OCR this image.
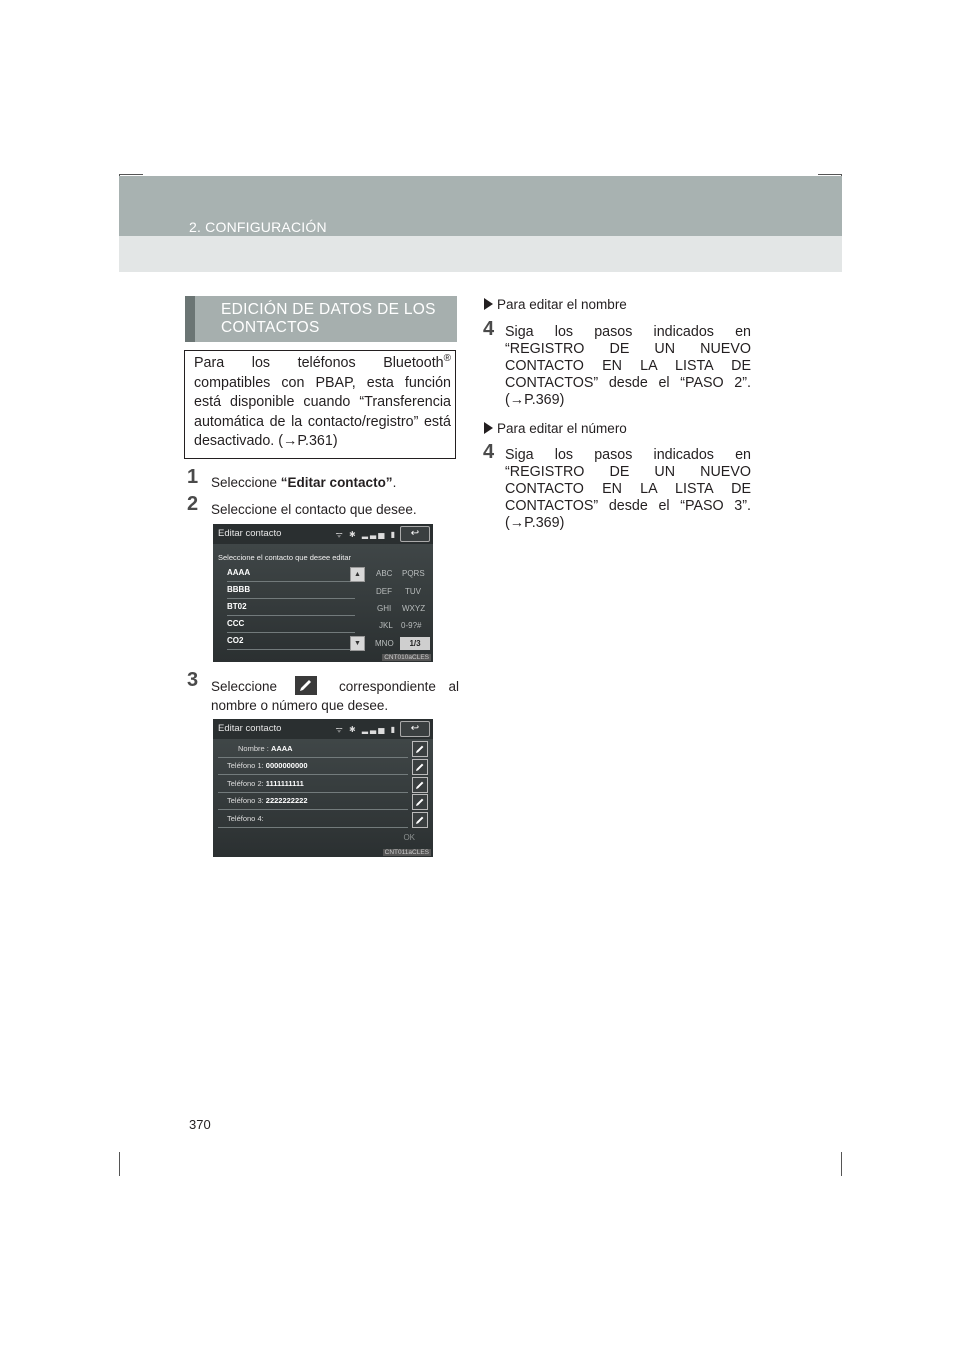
2. CONFIGURACIÓN
EDICIÓN DE DATOS DE LOS CONTACTOS
Para los teléfonos Bluetooth® compatibles con PBAP, esta función está disponible cuando “Transferencia automática de la contacto/registro” está desactivado. (→P.361)
1 Seleccione “Editar contacto”.
2 Seleccione el contacto que desee.
Editar contacto	ᯤ ✱ ▂▃▅ ▮	↩
Seleccione el contacto que desee editar
AAAA
BBBB
BT02
CCC
CO2
▲
▼
ABC PQRS
DEF TUV
GHI WXYZ
JKL 0-9?#
MNO	1/3
CNT010aCLES
3 Seleccione	correspondiente al nombre o número que desee.
Editar contacto	ᯤ ✱ ▂▃▅ ▮	↩
Nombre : AAAA
Teléfono 1: 0000000000
Teléfono 2: 1111111111
Teléfono 3: 2222222222
Teléfono 4:
OK
CNT011aCLES
Para editar el nombre
4 Siga los pasos indicados en “REGISTRO DE UN NUEVO CONTACTO EN LA LISTA DE CONTACTOS” desde el “PASO 2”. (→P.369)
Para editar el número
4 Siga los pasos indicados en “REGISTRO DE UN NUEVO CONTACTO EN LA LISTA DE CONTACTOS” desde el “PASO 3”. (→P.369)
370
